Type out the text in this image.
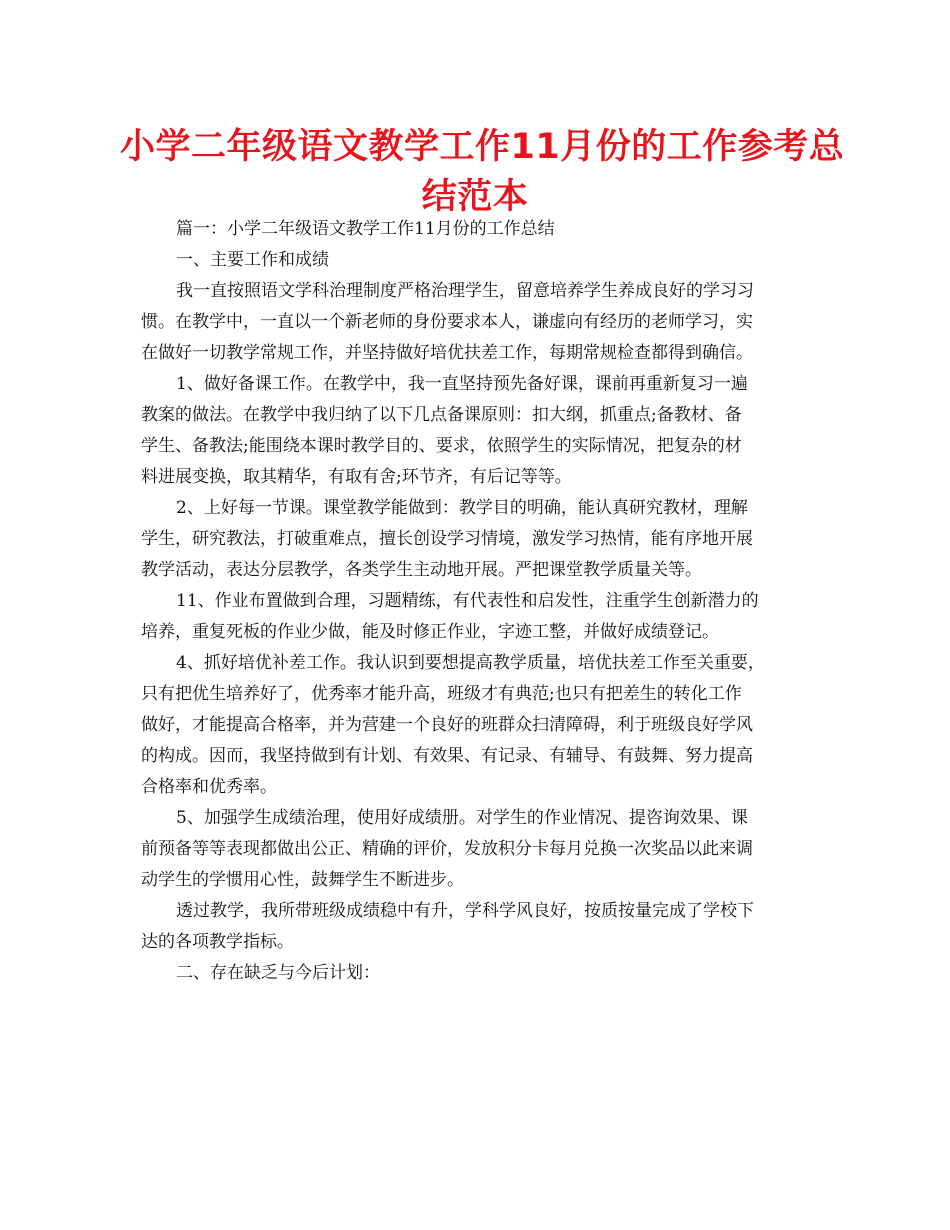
小学二年级语文教学工作11月份的工作参考总
结范本
篇一：小学二年级语文教学工作11月份的工作总结
一、主要工作和成绩
我一直按照语文学科治理制度严格治理学生，留意培养学生养成良好的学习习
惯。在教学中，一直以一个新老师的身份要求本人，谦虚向有经历的老师学习，实
在做好一切教学常规工作，并坚持做好培优扶差工作，每期常规检查都得到确信。
1、做好备课工作。在教学中，我一直坚持预先备好课，课前再重新复习一遍
教案的做法。在教学中我归纳了以下几点备课原则：扣大纲，抓重点;备教材、备
学生、备教法;能围绕本课时教学目的、要求，依照学生的实际情况，把复杂的材
料进展变换，取其精华，有取有舍;环节齐，有后记等等。
2、上好每一节课。课堂教学能做到：教学目的明确，能认真研究教材，理解
学生，研究教法，打破重难点，擅长创设学习情境，激发学习热情，能有序地开展
教学活动，表达分层教学，各类学生主动地开展。严把课堂教学质量关等。
11、作业布置做到合理，习题精练，有代表性和启发性，注重学生创新潜力的
培养，重复死板的作业少做，能及时修正作业，字迹工整，并做好成绩登记。
4、抓好培优补差工作。我认识到要想提高教学质量，培优扶差工作至关重要，
只有把优生培养好了，优秀率才能升高，班级才有典范;也只有把差生的转化工作
做好，才能提高合格率，并为营建一个良好的班群众扫清障碍，利于班级良好学风
的构成。因而，我坚持做到有计划、有效果、有记录、有辅导、有鼓舞、努力提高
合格率和优秀率。
5、加强学生成绩治理，使用好成绩册。对学生的作业情况、提咨询效果、课
前预备等等表现都做出公正、精确的评价，发放积分卡每月兑换一次奖品以此来调
动学生的学惯用心性，鼓舞学生不断进步。
透过教学，我所带班级成绩稳中有升，学科学风良好，按质按量完成了学校下
达的各项教学指标。
二、存在缺乏与今后计划：
